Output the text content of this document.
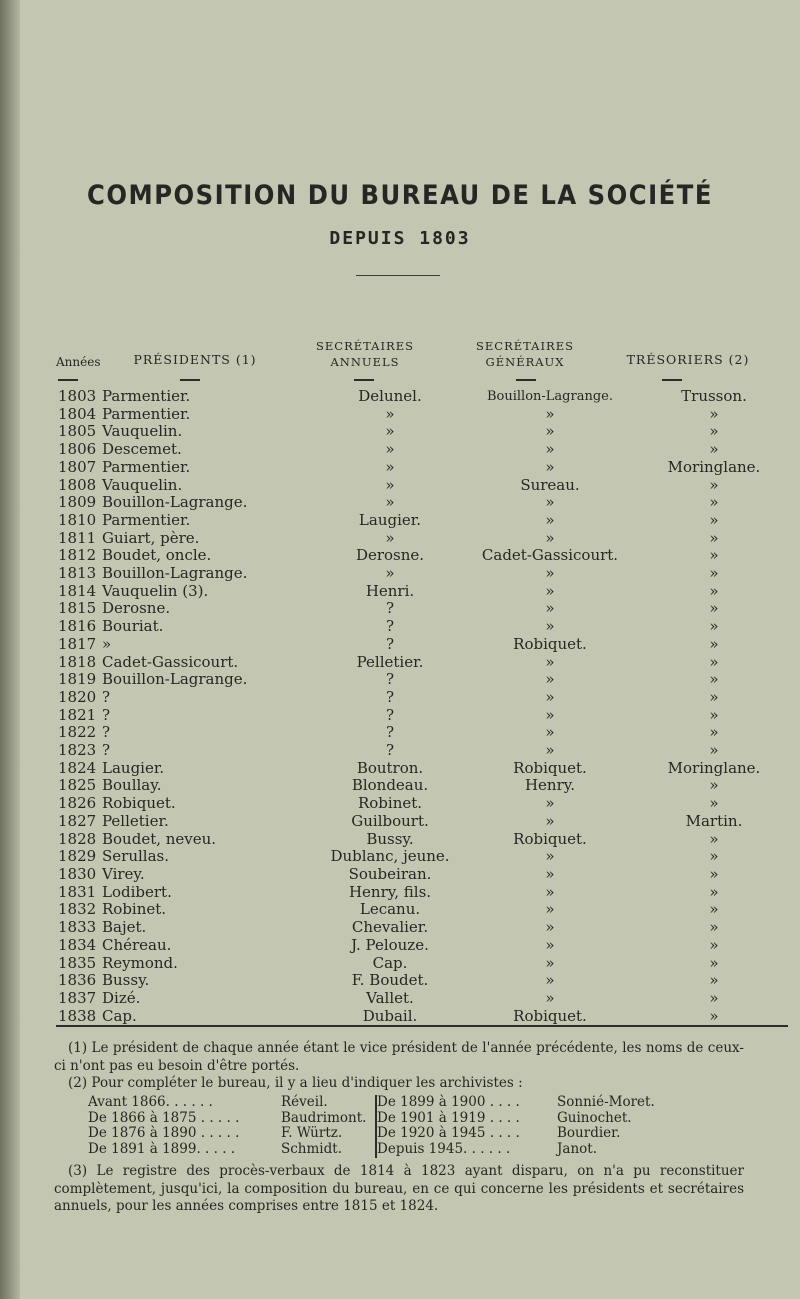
COMPOSITION DU BUREAU DE LA SOCIÉTÉ
DEPUIS 1803
Années	PRÉSIDENTS (1)
SECRÉTAIRES
ANNUELS
SECRÉTAIRES
GÉNÉRAUX	TRÉSORIERS (2)
1803	Parmentier.	Delunel.	Bouillon-Lagrange.	Trusson.
1804	Parmentier.	»	»	»
1805	Vauquelin.	»	»	»
1806	Descemet.	»	»	»
1807	Parmentier.	»	»	Moringlane.
1808	Vauquelin.	»	Sureau.	»
1809	Bouillon-Lagrange.	»	»	»
1810	Parmentier.	Laugier.	»	»
1811	Guiart, père.	»	»	»
1812	Boudet, oncle.	Derosne.	Cadet-Gassicourt.	»
1813	Bouillon-Lagrange.	»	»	»
1814	Vauquelin (3).	Henri.	»	»
1815	Derosne.	?	»	»
1816	Bouriat.	?	»	»
1817	»	?	Robiquet.	»
1818	Cadet-Gassicourt.	Pelletier.	»	»
1819	Bouillon-Lagrange.	?	»	»
1820	?	?	»	»
1821	?	?	»	»
1822	?	?	»	»
1823	?	?	»	»
1824	Laugier.	Boutron.	Robiquet.	Moringlane.
1825	Boullay.	Blondeau.	Henry.	»
1826	Robiquet.	Robinet.	»	»
1827	Pelletier.	Guilbourt.	»	Martin.
1828	Boudet, neveu.	Bussy.	Robiquet.	»
1829	Serullas.	Dublanc, jeune.	»	»
1830	Virey.	Soubeiran.	»	»
1831	Lodibert.	Henry, fils.	»	»
1832	Robinet.	Lecanu.	»	»
1833	Bajet.	Chevalier.	»	»
1834	Chéreau.	J. Pelouze.	»	»
1835	Reymond.	Cap.	»	»
1836	Bussy.	F. Boudet.	»	»
1837	Dizé.	Vallet.	»	»
1838	Cap.	Dubail.	Robiquet.	»
(1) Le président de chaque année étant le vice président de l'année précédente, les noms de ceux-ci n'ont pas eu besoin d'être portés.
(2) Pour compléter le bureau, il y a lieu d'indiquer les archivistes :
Avant 1866. . . . . .	Réveil.	De 1899 à 1900 . . . .	Sonnié-Moret.
De 1866 à 1875 . . . . .	Baudrimont.	De 1901 à 1919 . . . .	Guinochet.
De 1876 à 1890 . . . . .	F. Würtz.	De 1920 à 1945 . . . .	Bourdier.
De 1891 à 1899. . . . .	Schmidt.	Depuis 1945. . . . . .	Janot.
(3) Le registre des procès-verbaux de 1814 à 1823 ayant disparu, on n'a pu reconstituer complètement, jusqu'ici, la composition du bureau, en ce qui concerne les présidents et secrétaires annuels, pour les années comprises entre 1815 et 1824.
